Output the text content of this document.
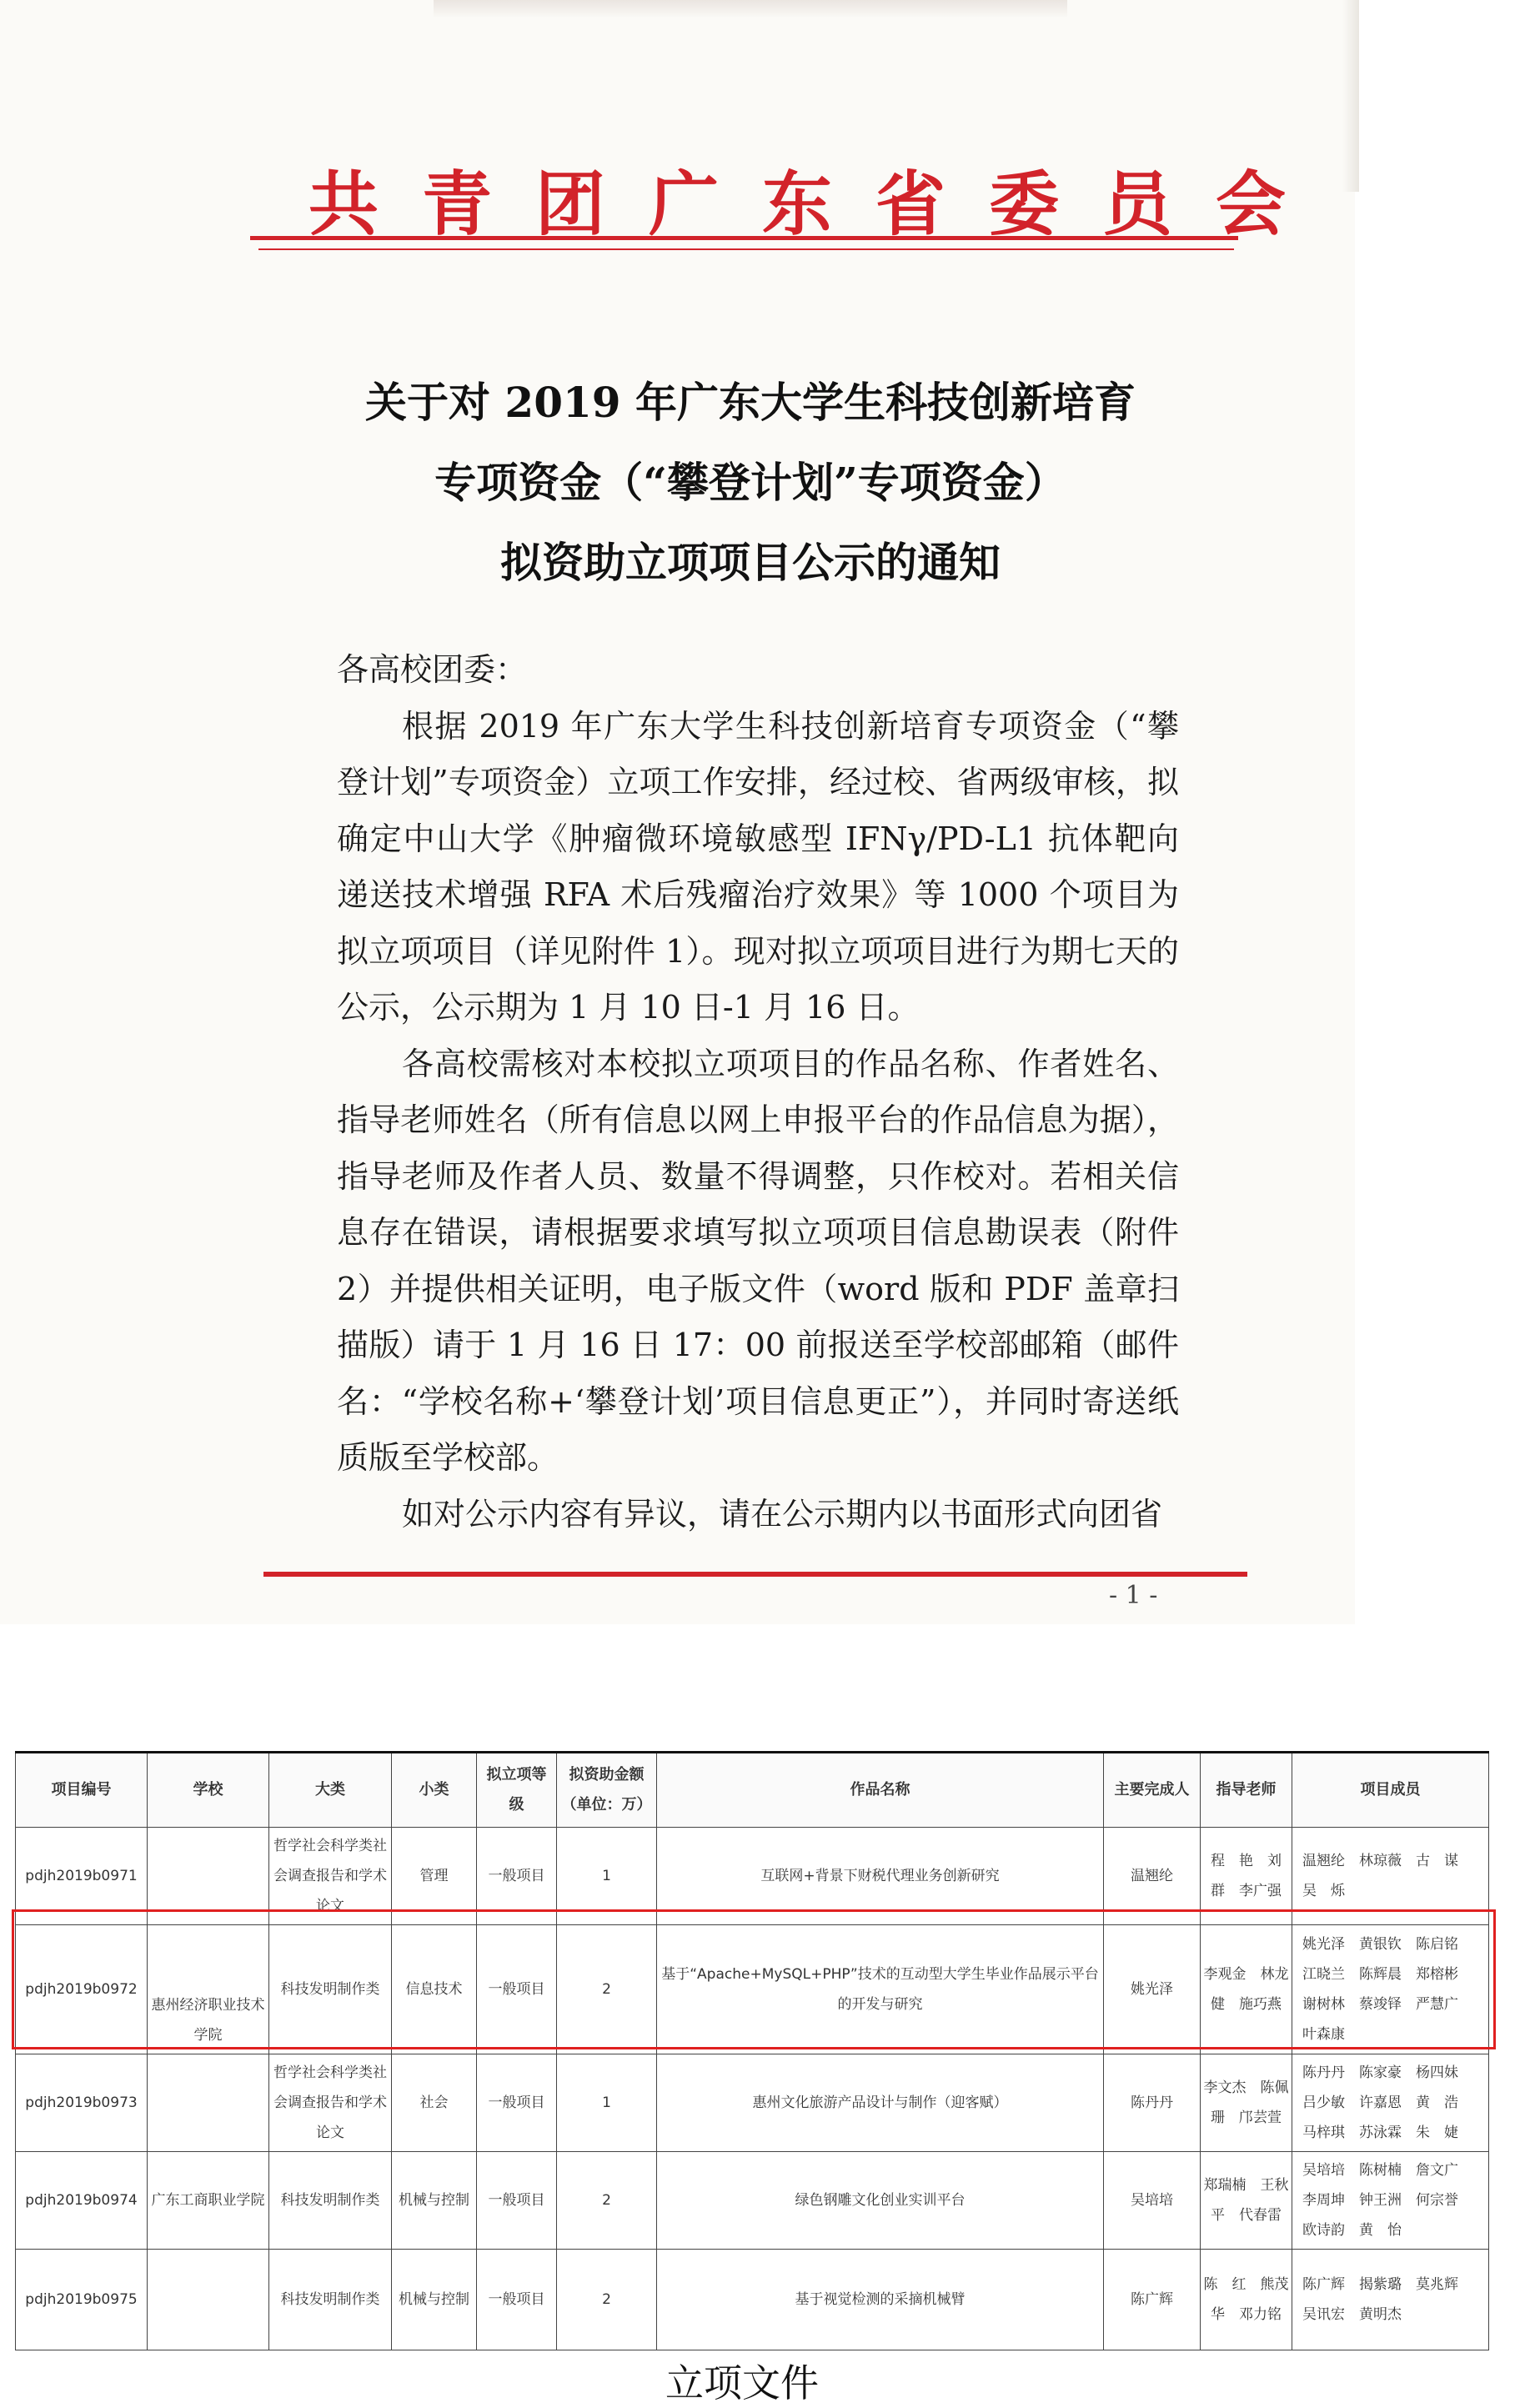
共青团广东省委员会
关于对 2019 年广东大学生科技创新培育
专项资金（“攀登计划”专项资金）
拟资助立项项目公示的通知

各高校团委：

根据 2019 年广东大学生科技创新培育专项资金（“攀登计划”专项资金）立项工作安排，经过校、省两级审核，拟确定中山大学《肿瘤微环境敏感型 IFNγ/PD-L1 抗体靶向递送技术增强 RFA 术后残瘤治疗效果》等 1000 个项目为拟立项项目（详见附件 1）。现对拟立项项目进行为期七天的公示，公示期为 1 月 10 日-1 月 16 日。

各高校需核对本校拟立项项目的作品名称、作者姓名、指导老师姓名（所有信息以网上申报平台的作品信息为据），指导老师及作者人员、数量不得调整，只作校对。若相关信息存在错误，请根据要求填写拟立项项目信息勘误表（附件 2）并提供相关证明，电子版文件（word 版和 PDF 盖章扫描版）请于 1 月 16 日 17：00 前报送至学校部邮箱（邮件名：“学校名称+‘攀登计划’项目信息更正”），并同时寄送纸质版至学校部。

如对公示内容有异议，请在公示期内以书面形式向团省

- 1 -
项目编号	学校	大类	小类	拟立项等级	拟资助金额（单位：万）	作品名称	主要完成人	指导老师	项目成员
pdjh2019b0971		哲学社会科学类社会调查报告和学术论文	管理	一般项目	1	互联网+背景下财税代理业务创新研究	温翘纶	程　艳　刘　群　李广强	温翘纶　林琼薇　古　谋　吴　烁
pdjh2019b0972	惠州经济职业技术学院	科技发明制作类	信息技术	一般项目	2	基于“Apache+MySQL+PHP”技术的互动型大学生毕业作品展示平台的开发与研究	姚光泽	李观金　林龙健　施巧燕	姚光泽　黄银钦　陈启铭　江晓兰　陈辉晨　郑榕彬　谢树林　蔡竣铎　严慧广　叶森康
pdjh2019b0973		哲学社会科学类社会调查报告和学术论文	社会	一般项目	1	惠州文化旅游产品设计与制作（迎客赋）	陈丹丹	李文杰　陈佩珊　邝芸萱	陈丹丹　陈家豪　杨四妹　吕少敏　许嘉恩　黄　浩　马梓琪　苏泳霖　朱　婕
pdjh2019b0974	广东工商职业学院	科技发明制作类	机械与控制	一般项目	2	绿色钢雕文化创业实训平台	吴培培	郑瑞楠　王秋平　代春雷	吴培培　陈树楠　詹文广　李周坤　钟王洲　何宗誉　欧诗韵　黄　怡
pdjh2019b0975		科技发明制作类	机械与控制	一般项目	2	基于视觉检测的采摘机械臂	陈广辉	陈　红　熊茂华　邓力铭	陈广辉　揭紫璐　莫兆辉　吴讯宏　黄明杰
立项文件
